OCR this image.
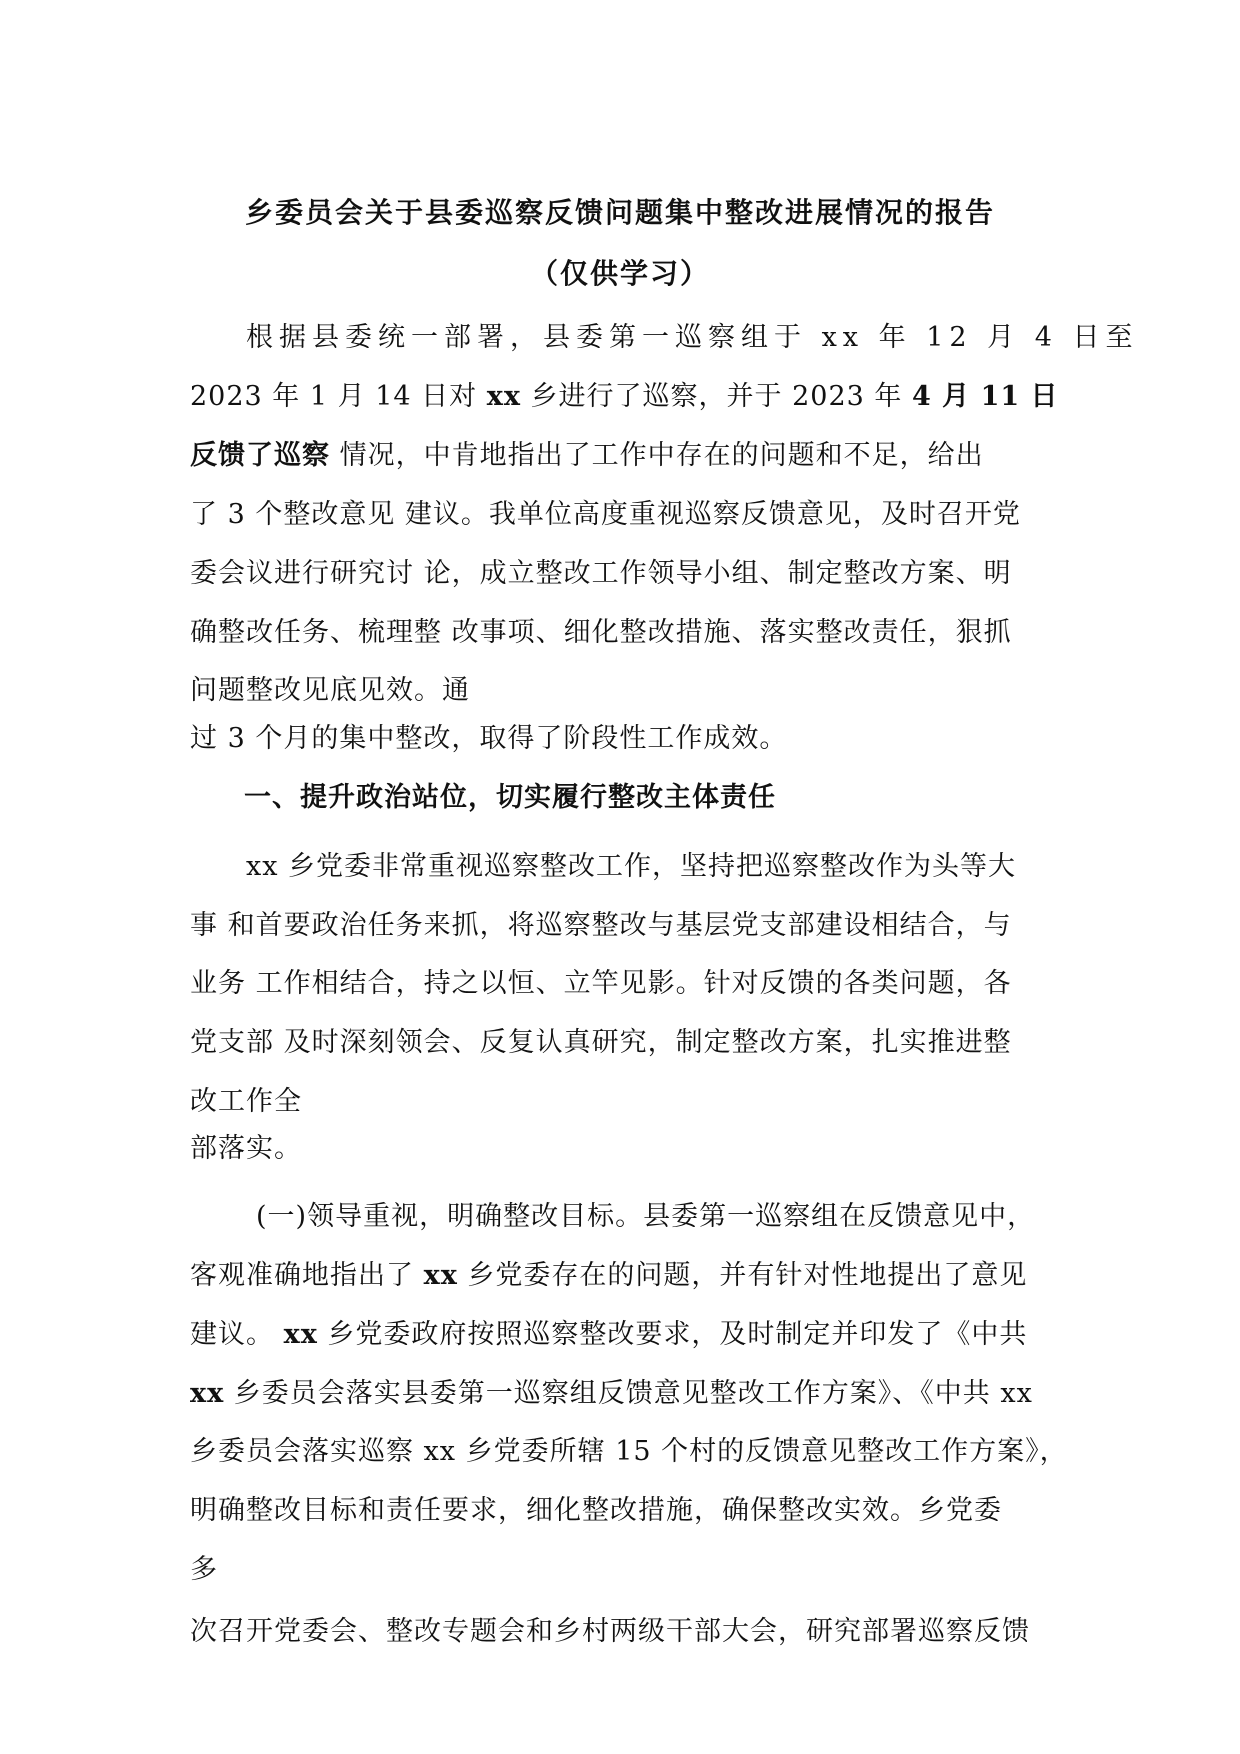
乡委员会关于县委巡察反馈问题集中整改进展情况的报告
（仅供学习）
根据县委统一部署，县委第一巡察组于 xx 年 12 月 4 日至
2023 年 1 月 14 日对 xx 乡进行了巡察，并于 2023 年 4 月 11 日
反馈了巡察 情况，中肯地指出了工作中存在的问题和不足，给出
了 3 个整改意见 建议。我单位高度重视巡察反馈意见，及时召开党
委会议进行研究讨 论，成立整改工作领导小组、制定整改方案、明
确整改任务、梳理整 改事项、细化整改措施、落实整改责任，狠抓
问题整改见底见效。通
过 3 个月的集中整改，取得了阶段性工作成效。
一、提升政治站位，切实履行整改主体责任
xx 乡党委非常重视巡察整改工作，坚持把巡察整改作为头等大
事 和首要政治任务来抓，将巡察整改与基层党支部建设相结合，与
业务 工作相结合，持之以恒、立竿见影。针对反馈的各类问题，各
党支部 及时深刻领会、反复认真研究，制定整改方案，扎实推进整
改工作全
部落实。
(一)领导重视，明确整改目标。县委第一巡察组在反馈意见中，
客观准确地指出了 xx 乡党委存在的问题，并有针对性地提出了意见
建议。 xx 乡党委政府按照巡察整改要求，及时制定并印发了《中共
xx 乡委员会落实县委第一巡察组反馈意见整改工作方案》、《中共 xx
乡委员会落实巡察 xx 乡党委所辖 15 个村的反馈意见整改工作方案》，
明确整改目标和责任要求，细化整改措施，确保整改实效。乡党委
多
次召开党委会、整改专题会和乡村两级干部大会，研究部署巡察反馈
